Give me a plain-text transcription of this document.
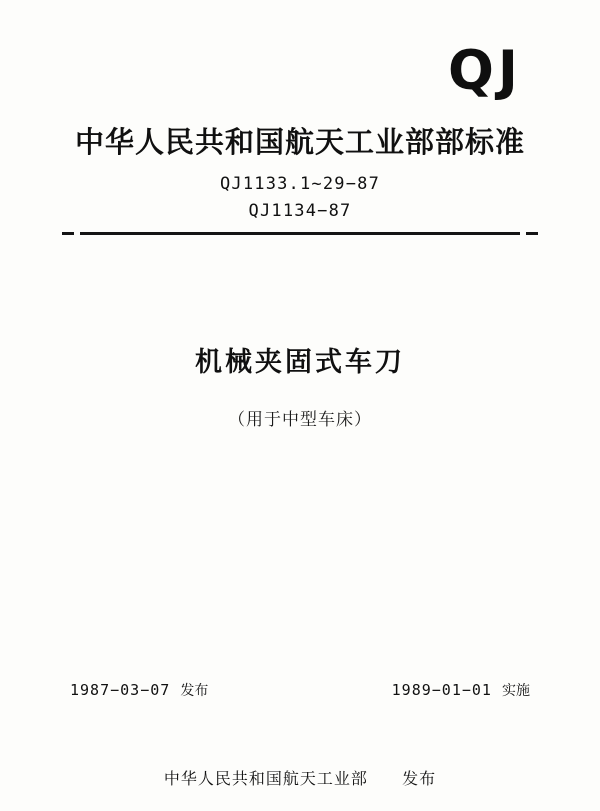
QJ
中华人民共和国航天工业部部标准
QJ1133.1~29−87
QJ1134−87
机械夹固式车刀
（用于中型车床）
1987−03−07 发布	1989−01−01 实施
中华人民共和国航天工业部 发布
